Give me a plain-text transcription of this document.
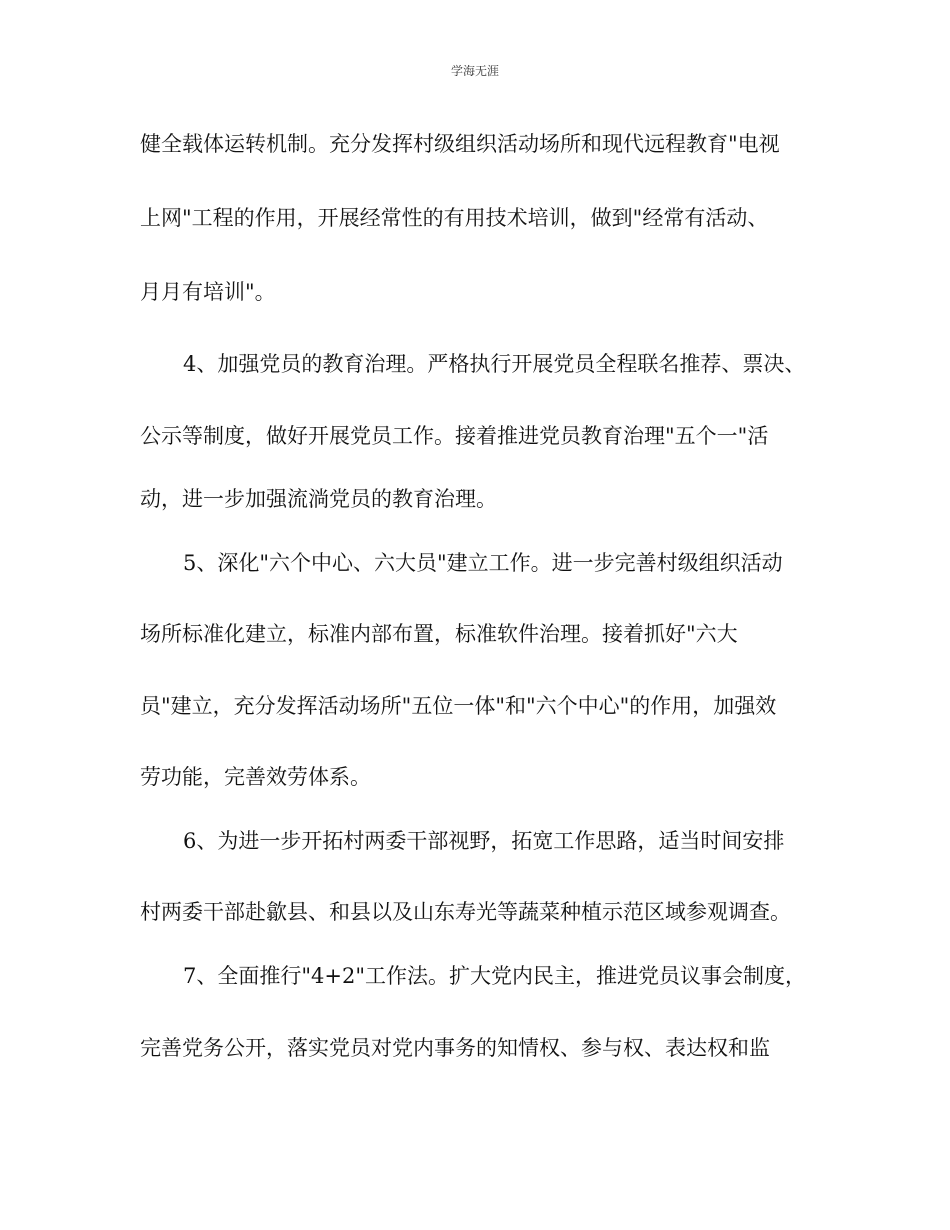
学海无涯
健全载体运转机制。充分发挥村级组织活动场所和现代远程教育"电视
上网"工程的作用，开展经常性的有用技术培训，做到"经常有活动、
月月有培训"。
4、加强党员的教育治理。严格执行开展党员全程联名推荐、票决、
公示等制度，做好开展党员工作。接着推进党员教育治理"五个一"活
动，进一步加强流淌党员的教育治理。
5、深化"六个中心、六大员"建立工作。进一步完善村级组织活动
场所标准化建立，标准内部布置，标准软件治理。接着抓好"六大
员"建立，充分发挥活动场所"五位一体"和"六个中心"的作用，加强效
劳功能，完善效劳体系。
6、为进一步开拓村两委干部视野，拓宽工作思路，适当时间安排
村两委干部赴歙县、和县以及山东寿光等蔬菜种植示范区域参观调查。
7、全面推行"4+2"工作法。扩大党内民主，推进党员议事会制度，
完善党务公开，落实党员对党内事务的知情权、参与权、表达权和监
